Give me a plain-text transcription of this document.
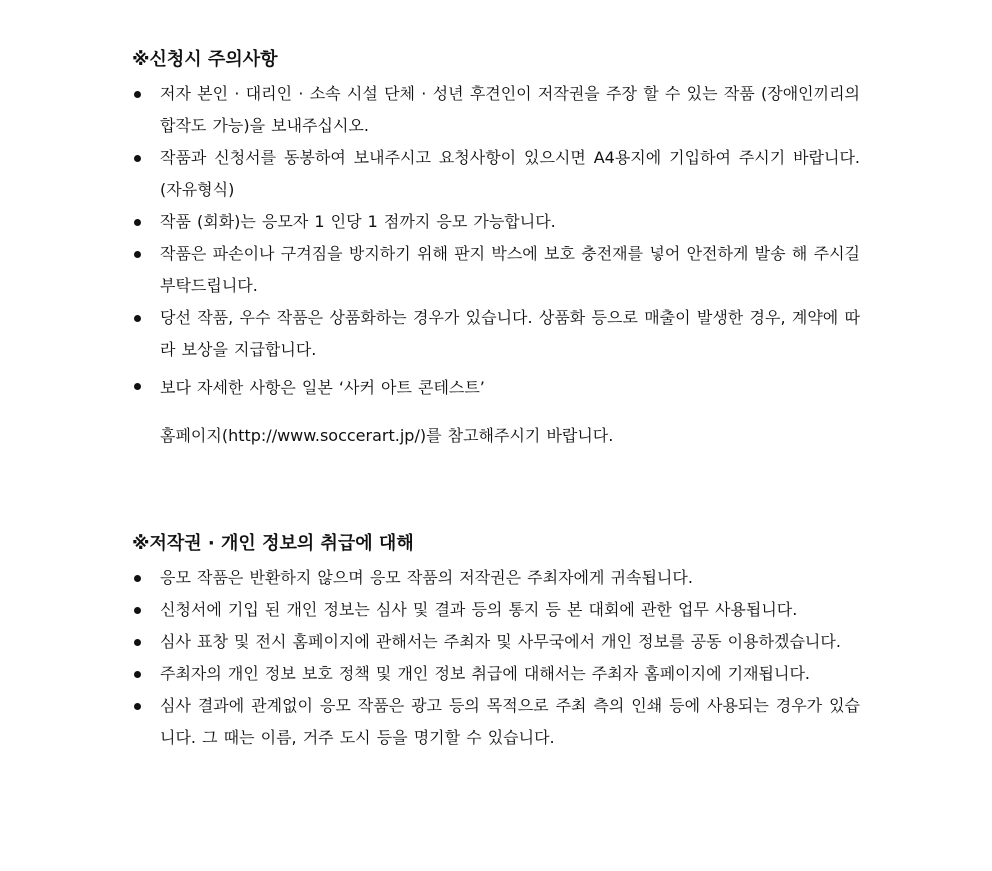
※신청시 주의사항
저자 본인 · 대리인 · 소속 시설 단체 · 성년 후견인이 저작권을 주장 할 수 있는 작품 (장애인끼리의 합작도 가능)을 보내주십시오.
작품과 신청서를 동봉하여 보내주시고 요청사항이 있으시면 A4용지에 기입하여 주시기 바랍니다.(자유형식)
작품 (회화)는 응모자 1 인당 1 점까지 응모 가능합니다.
작품은 파손이나 구겨짐을 방지하기 위해 판지 박스에 보호 충전재를 넣어 안전하게 발송 해 주시길 부탁드립니다.
당선 작품, 우수 작품은 상품화하는 경우가 있습니다. 상품화 등으로 매출이 발생한 경우, 계약에 따라 보상을 지급합니다.
보다 자세한 사항은 일본 ‘사커 아트 콘테스트’
홈페이지(http://www.soccerart.jp/)를 참고해주시기 바랍니다.
※저작권 · 개인 정보의 취급에 대해
응모 작품은 반환하지 않으며 응모 작품의 저작권은 주최자에게 귀속됩니다.
신청서에 기입 된 개인 정보는 심사 및 결과 등의 통지 등 본 대회에 관한 업무 사용됩니다.
심사 표창 및 전시 홈페이지에 관해서는 주최자 및 사무국에서 개인 정보를 공동 이용하겠습니다.
주최자의 개인 정보 보호 정책 및 개인 정보 취급에 대해서는 주최자 홈페이지에 기재됩니다.
심사 결과에 관계없이 응모 작품은 광고 등의 목적으로 주최 측의 인쇄 등에 사용되는 경우가 있습니다. 그 때는 이름, 거주 도시 등을 명기할 수 있습니다.
